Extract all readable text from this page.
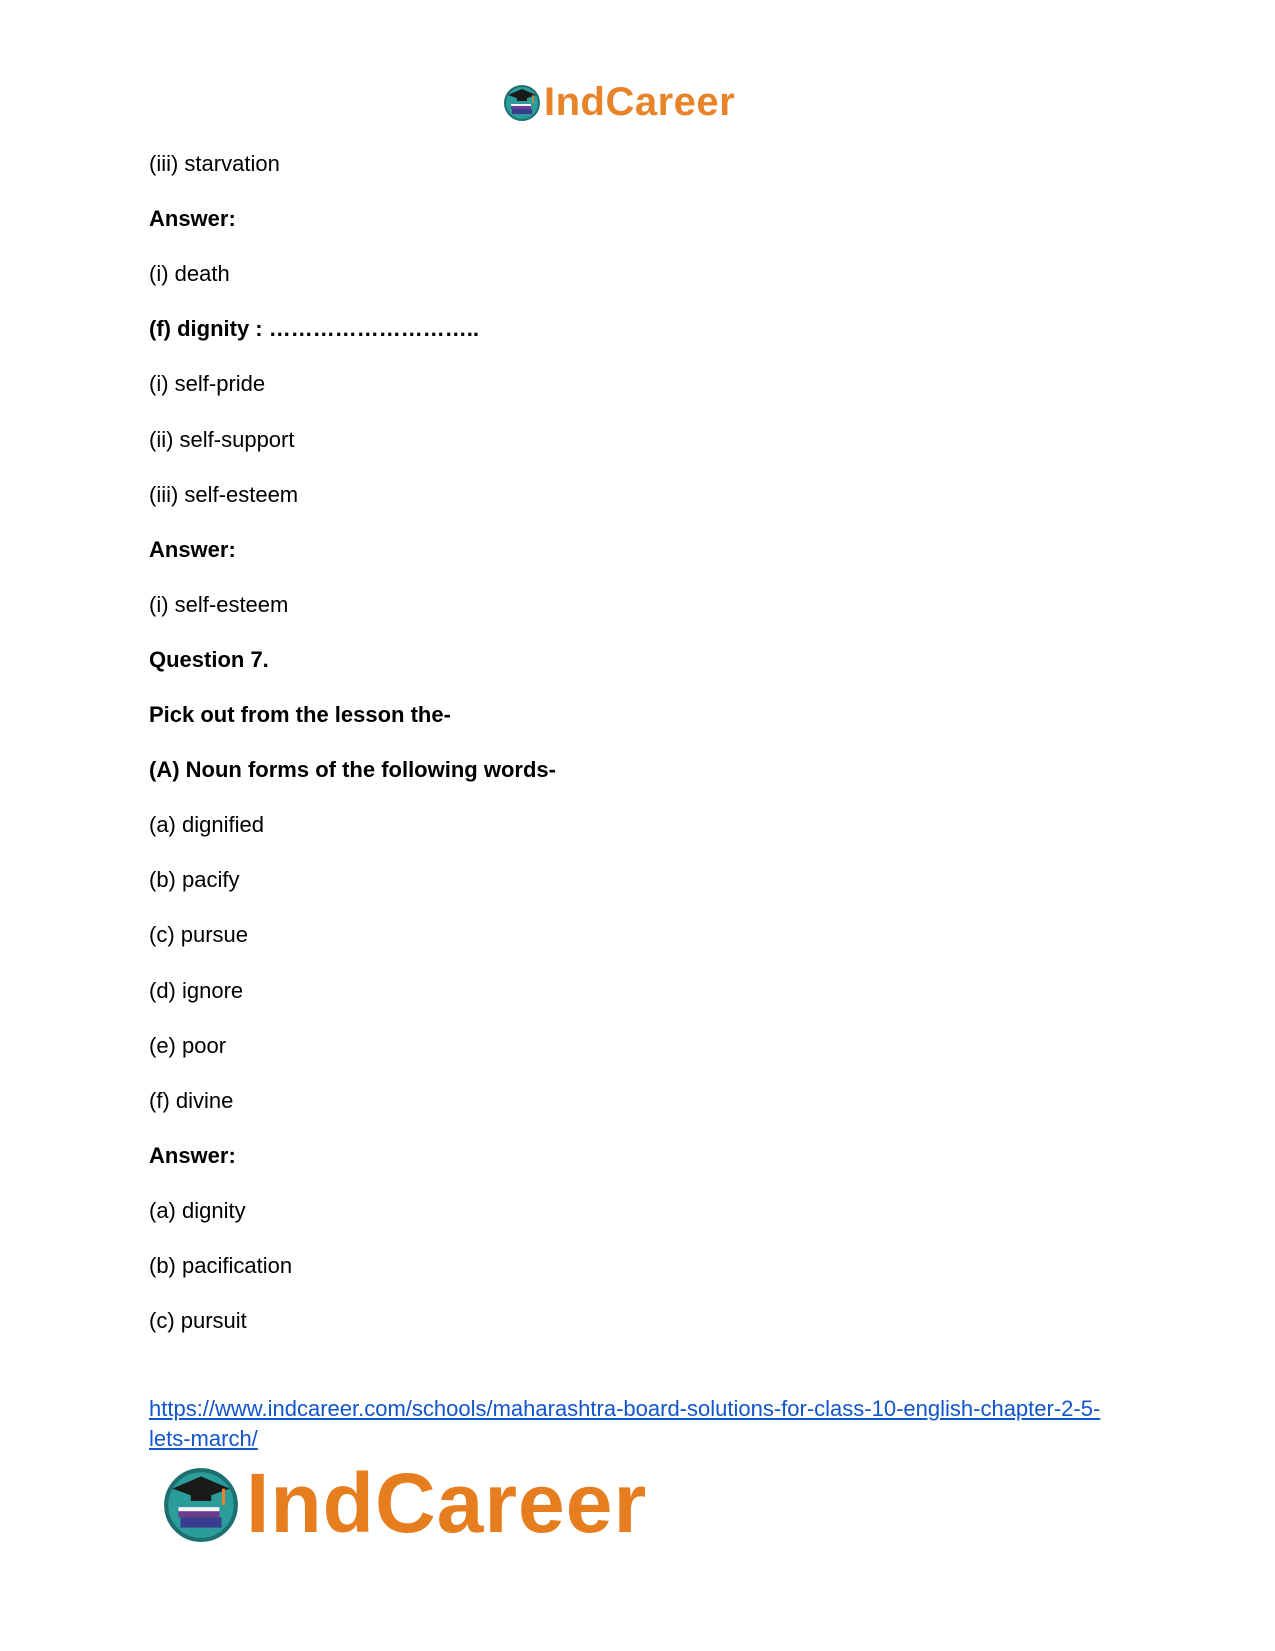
IndCareer
(iii) starvation
Answer:
(i) death
(f) dignity : ………………………..
(i) self-pride
(ii) self-support
(iii) self-esteem
Answer:
(i) self-esteem
Question 7.
Pick out from the lesson the-
(A) Noun forms of the following words-
(a) dignified
(b) pacify
(c) pursue
(d) ignore
(e) poor
(f) divine
Answer:
(a) dignity
(b) pacification
(c) pursuit
https://www.indcareer.com/schools/maharashtra-board-solutions-for-class-10-english-chapter-2-5-lets-march/
IndCareer
